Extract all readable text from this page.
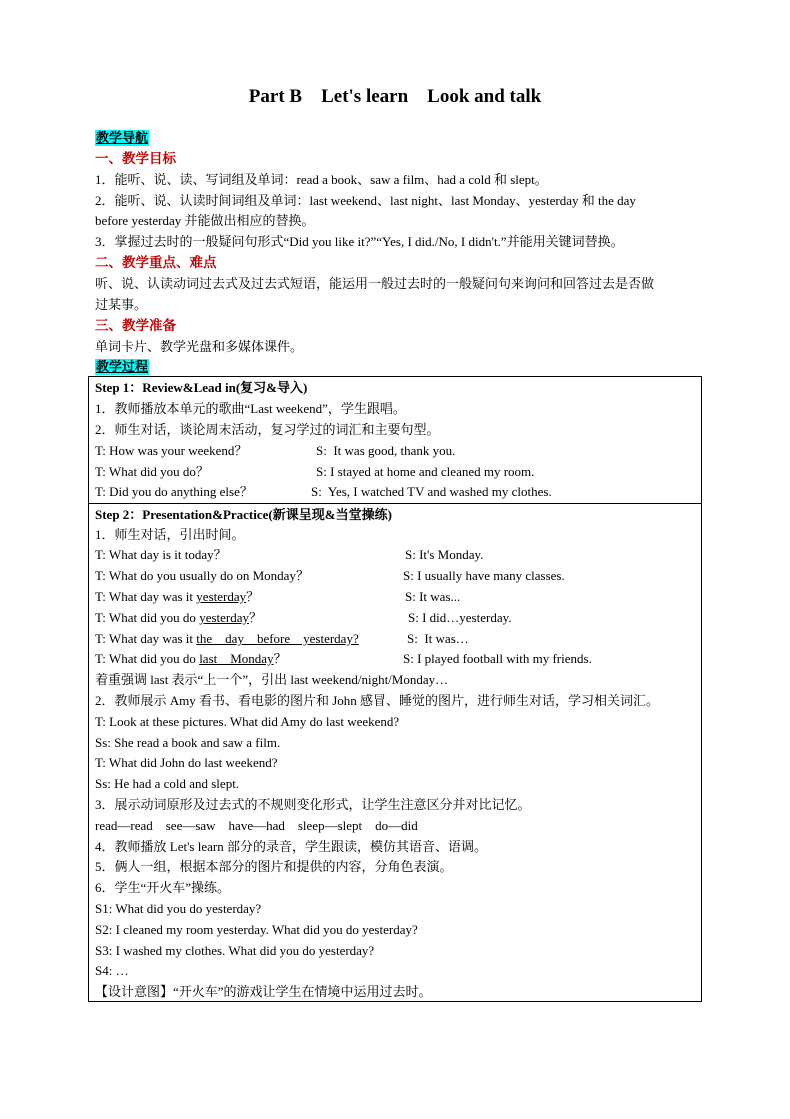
Part B    Let's learn    Look and talk
教学导航
一、教学目标
1．能听、说、读、写词组及单词：read a book、saw a film、had a cold 和 slept。
2．能听、说、认读时间词组及单词：last weekend、last night、last Monday、yesterday 和 the day
before yesterday 并能做出相应的替换。
3．掌握过去时的一般疑问句形式“Did you like it?”“Yes, I did./No, I didn't.”并能用关键词替换。
二、教学重点、难点
听、说、认读动词过去式及过去式短语，能运用一般过去时的一般疑问句来询问和回答过去是否做
过某事。
三、教学准备
单词卡片、教学光盘和多媒体课件。
教学过程
Step 1：Review&Lead in(复习&导入)
1．教师播放本单元的歌曲“Last weekend”，学生跟唱。
2．师生对话，谈论周末活动，复习学过的词汇和主要句型。
T: How was your weekend？	S:  It was good, thank you.
T: What did you do？	S: I stayed at home and cleaned my room.
T: Did you do anything else？	S:  Yes, I watched TV and washed my clothes.
Step 2：Presentation&Practice(新课呈现&当堂操练)
1．师生对话，引出时间。
T: What day is it today？	S: It's Monday.
T: What do you usually do on Monday？	S: I usually have many classes.
T: What day was it yesterday？	S: It was...
T: What did you do yesterday？	S: I did…yesterday.
T: What day was it the    day    before    yesterday?	S:  It was…
T: What did you do last    Monday？	S: I played football with my friends.
着重强调 last 表示“上一个”，引出 last weekend/night/Monday…
2．教师展示 Amy 看书、看电影的图片和 John 感冒、睡觉的图片，进行师生对话，学习相关词汇。
T: Look at these pictures. What did Amy do last weekend?
Ss: She read a book and saw a film.
T: What did John do last weekend?
Ss: He had a cold and slept.
3．展示动词原形及过去式的不规则变化形式，让学生注意区分并对比记忆。
read—read    see—saw    have—had    sleep—slept    do—did
4．教师播放 Let's learn 部分的录音，学生跟读，模仿其语音、语调。
5．俩人一组，根据本部分的图片和提供的内容，分角色表演。
6．学生“开火车”操练。
S1: What did you do yesterday?
S2: I cleaned my room yesterday. What did you do yesterday?
S3: I washed my clothes. What did you do yesterday?
S4: …
【设计意图】“开火车”的游戏让学生在情境中运用过去时。
